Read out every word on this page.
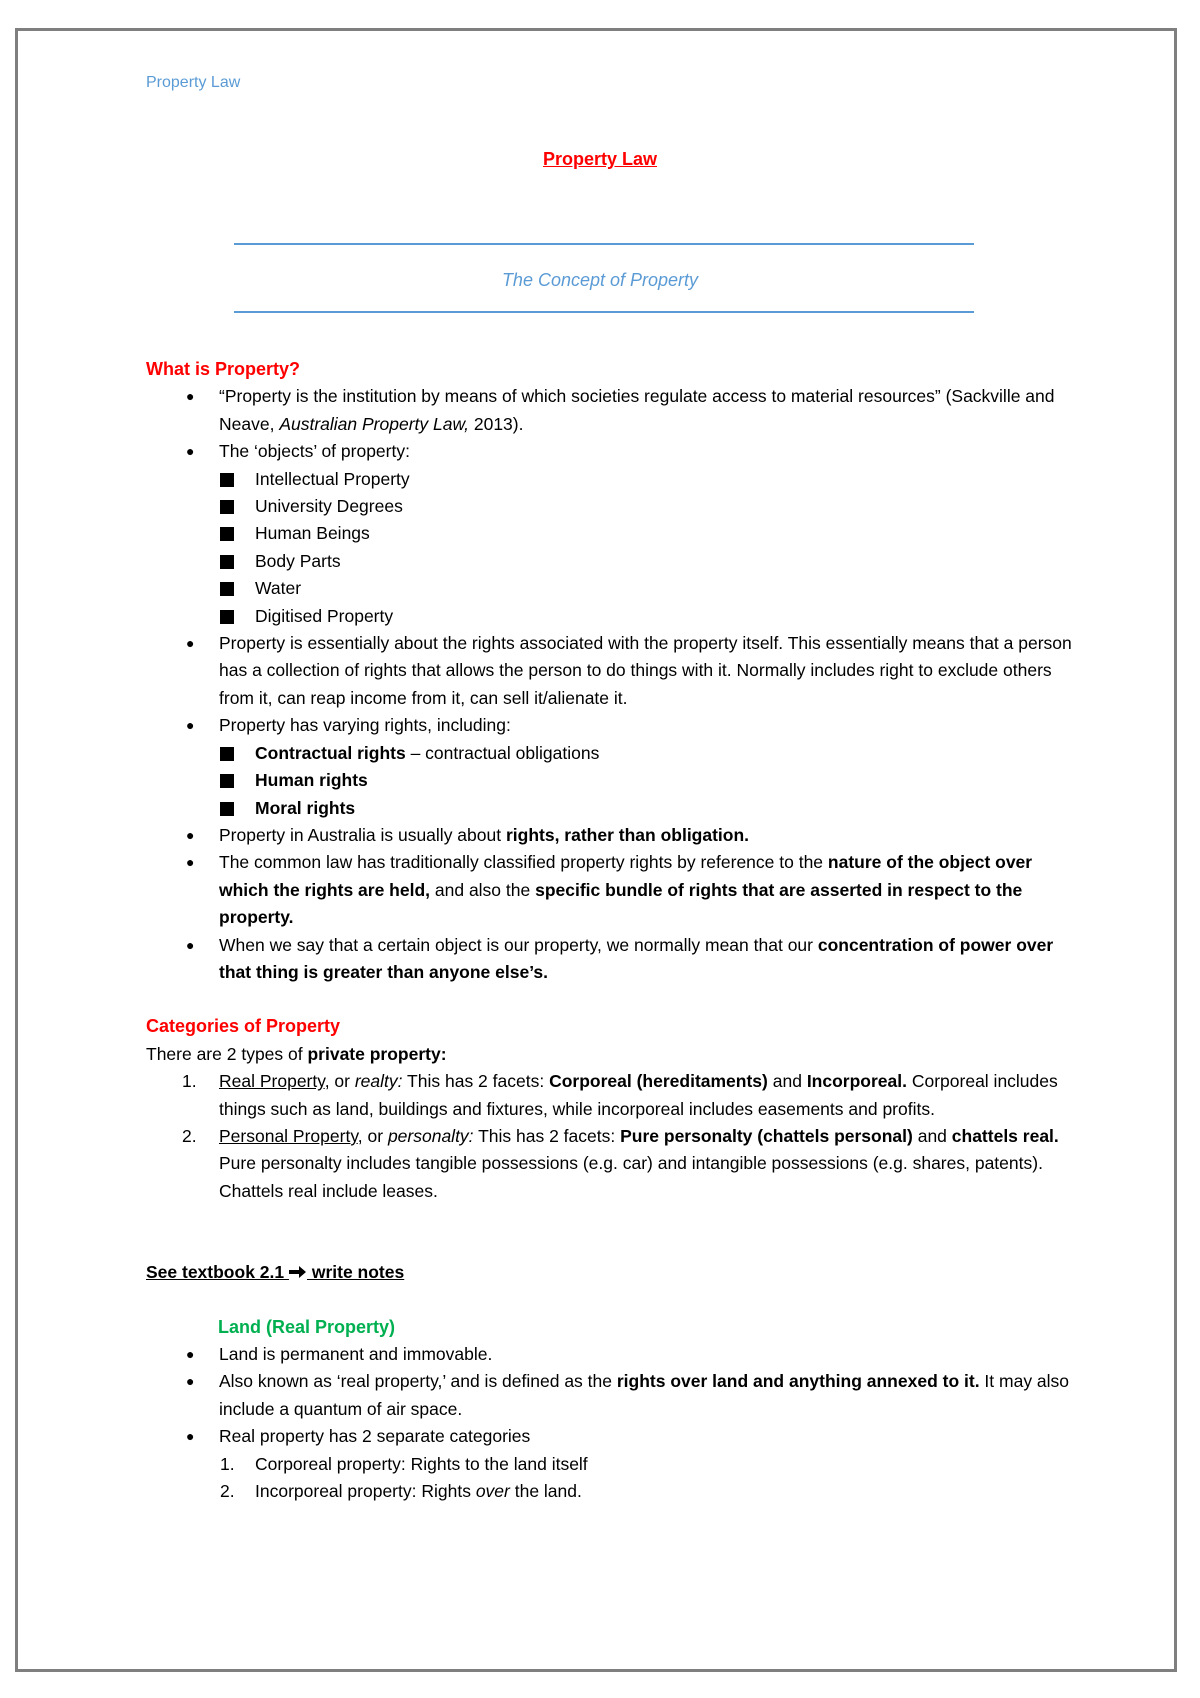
Property Law
Property Law
The Concept of Property
What is Property?
● “Property is the institution by means of which societies regulate access to material resources” (Sackville and Neave, Australian Property Law, 2013).
● The ‘objects’ of property:
Intellectual Property
University Degrees
Human Beings
Body Parts
Water
Digitised Property
● Property is essentially about the rights associated with the property itself. This essentially means that a person has a collection of rights that allows the person to do things with it. Normally includes right to exclude others from it, can reap income from it, can sell it/alienate it.
● Property has varying rights, including:
Contractual rights – contractual obligations
Human rights
Moral rights
● Property in Australia is usually about rights, rather than obligation.
● The common law has traditionally classified property rights by reference to the nature of the object over which the rights are held, and also the specific bundle of rights that are asserted in respect to the property.
● When we say that a certain object is our property, we normally mean that our concentration of power over that thing is greater than anyone else’s.
Categories of Property
There are 2 types of private property:
1. Real Property, or realty: This has 2 facets: Corporeal (hereditaments) and Incorporeal. Corporeal includes things such as land, buildings and fixtures, while incorporeal includes easements and profits.
2. Personal Property, or personalty: This has 2 facets: Pure personalty (chattels personal) and chattels real. Pure personalty includes tangible possessions (e.g. car) and intangible possessions (e.g. shares, patents). Chattels real include leases.
See textbook 2.1  write notes
Land (Real Property)
● Land is permanent and immovable.
● Also known as ‘real property,’ and is defined as the rights over land and anything annexed to it. It may also include a quantum of air space.
● Real property has 2 separate categories
1. Corporeal property: Rights to the land itself
2. Incorporeal property: Rights over the land.
